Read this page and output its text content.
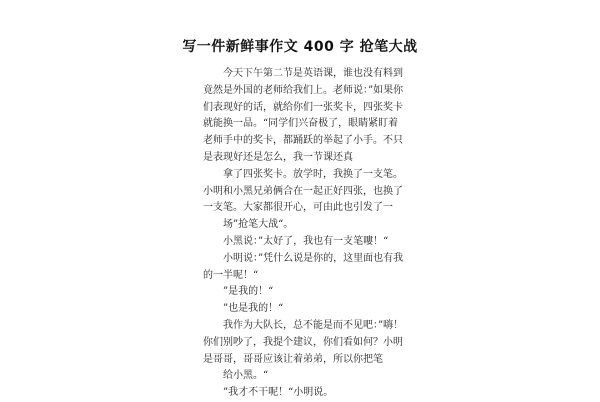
写一件新鲜事作文 400 字 抢笔大战

今天下午第二节是英语课，谁也没有料到竟然是外国的老师给我们上。老师说：”如果你们表现好的话，就给你们一张奖卡，四张奖卡就能换一品。“同学们兴奋极了，眼睛紧盯着老师手中的奖卡，都踊跃的举起了小手。不只是表现好还是怎么，我一节课还真

拿了四张奖卡。放学时，我换了一支笔。小明和小黑兄弟俩合在一起正好四张，也换了一支笔。大家都很开心，可由此也引发了一

场”抢笔大战“。

小黑说：”太好了，我也有一支笔嘍！“

小明说：”凭什么说是你的，这里面也有我的一半呢！“

”是我的！“

”也是我的！“

我作为大队长，总不能是而不见吧：”嗨！你们别吵了，我提个建议，你们看如何？小明是哥哥，哥哥应该让着弟弟，所以你把笔

给小黑。“

”我才不干呢！“小明说。
